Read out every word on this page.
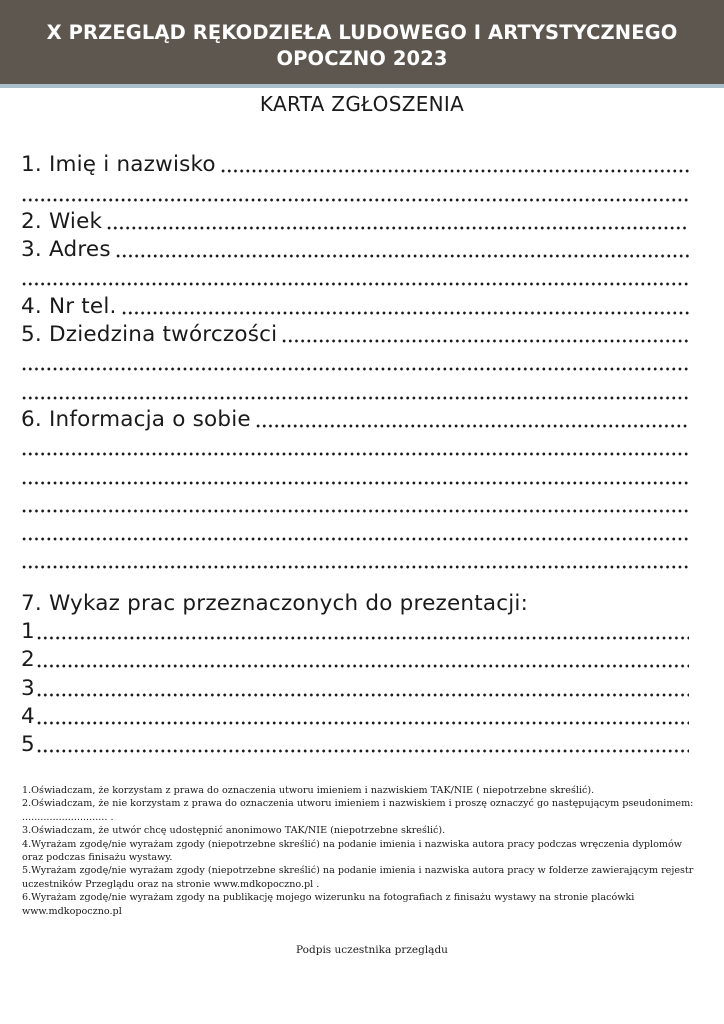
X PRZEGLĄD RĘKODZIEŁA LUDOWEGO I ARTYSTYCZNEGO
OPOCZNO 2023
KARTA ZGŁOSZENIA
1. Imię i nazwisko
2. Wiek
3. Adres
4. Nr tel.
5. Dziedzina twórczości
6. Informacja o sobie
7. Wykaz prac przeznaczonych do prezentacji:
1
2
3
4
5

1.Oświadczam, że korzystam z prawa do oznaczenia utworu imieniem i nazwiskiem TAK/NIE ( niepotrzebne skreślić).

2.Oświadczam, że nie korzystam z prawa do oznaczenia utworu imieniem i nazwiskiem i proszę oznaczyć go następującym pseudonimem: ............................ .

3.Oświadczam, że utwór chcę udostępnić anonimowo TAK/NIE (niepotrzebne skreślić).

4.Wyrażam zgodę/nie wyrażam zgody (niepotrzebne skreślić) na podanie imienia i nazwiska autora pracy podczas wręczenia dyplomów oraz podczas finisażu wystawy.

5.Wyrażam zgodę/nie wyrażam zgody (niepotrzebne skreślić) na podanie imienia i nazwiska autora pracy w folderze zawierającym rejestr uczestników Przeglądu oraz na stronie www.mdkopoczno.pl .

6.Wyrażam zgodę/nie wyrażam zgody na publikację mojego wizerunku na fotografiach z finisażu wystawy na stronie placówki www.mdkopoczno.pl

Podpis uczestnika przeglądu
